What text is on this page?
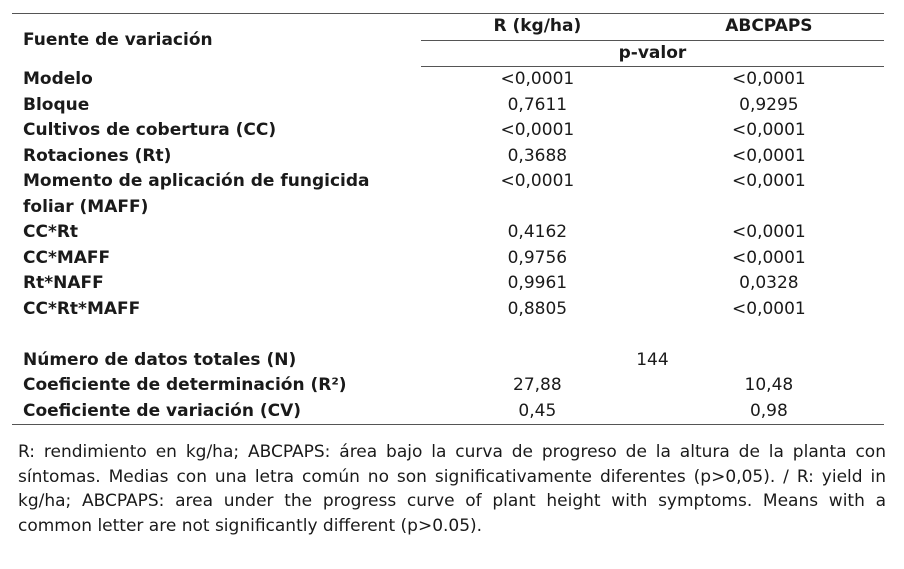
Fuente de variación	R (kg/ha)	ABCPAPS
	p-valor	
Modelo	<0,0001	<0,0001
Bloque	0,7611	0,9295
Cultivos de cobertura (CC)	<0,0001	<0,0001
Rotaciones (Rt)	0,3688	<0,0001
Momento de aplicación de fungicida	<0,0001	<0,0001
foliar (MAFF)		
CC*Rt	0,4162	<0,0001
CC*MAFF	0,9756	<0,0001
Rt*NAFF	0,9961	0,0328
CC*Rt*MAFF	0,8805	<0,0001

Número de datos totales (N)	144	
Coeficiente de determinación (R²)	27,88	10,48
Coeficiente de variación (CV)	0,45	0,98
R: rendimiento en kg/ha; ABCPAPS: área bajo la curva de progreso de la altura de la planta con síntomas. Medias con una letra común no son significativamente diferentes (p>0,05). / R: yield in kg/ha; ABCPAPS: area under the progress curve of plant height with symptoms. Means with a common letter are not significantly different (p>0.05).
